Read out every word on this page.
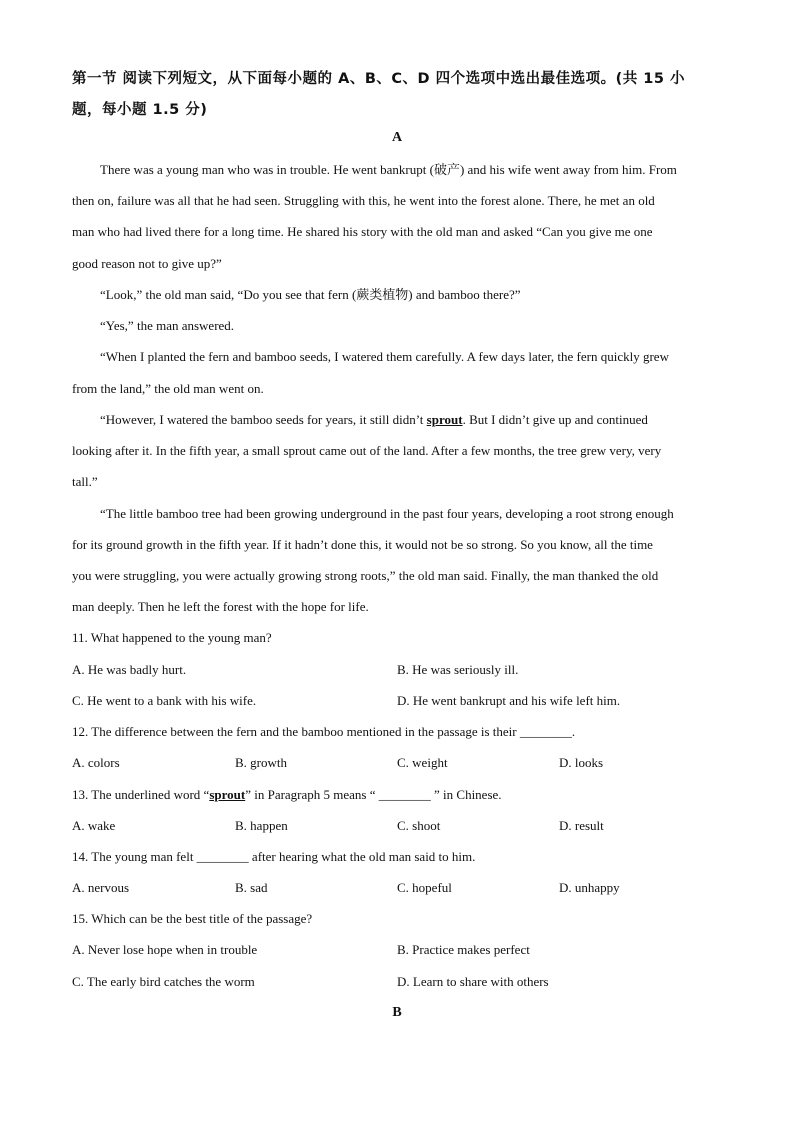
第一节 阅读下列短文，从下面每小题的 A、B、C、D 四个选项中选出最佳选项。(共 15 小
题，每小题 1.5 分)
A
There was a young man who was in trouble. He went bankrupt (破产) and his wife went away from him. From
then on, failure was all that he had seen. Struggling with this, he went into the forest alone. There, he met an old
man who had lived there for a long time. He shared his story with the old man and asked “Can you give me one
good reason not to give up?”
“Look,” the old man said, “Do you see that fern (蕨类植物) and bamboo there?”
“Yes,” the man answered.
“When I planted the fern and bamboo seeds, I watered them carefully. A few days later, the fern quickly grew
from the land,” the old man went on.
“However, I watered the bamboo seeds for years, it still didn’t sprout. But I didn’t give up and continued
looking after it. In the fifth year, a small sprout came out of the land. After a few months, the tree grew very, very
tall.”
“The little bamboo tree had been growing underground in the past four years, developing a root strong enough
for its ground growth in the fifth year. If it hadn’t done this, it would not be so strong. So you know, all the time
you were struggling, you were actually growing strong roots,” the old man said. Finally, the man thanked the old
man deeply. Then he left the forest with the hope for life.
11. What happened to the young man?
A. He was badly hurt.	B. He was seriously ill.
C. He went to a bank with his wife.	D. He went bankrupt and his wife left him.
12. The difference between the fern and the bamboo mentioned in the passage is their ________.
A. colors	B. growth	C. weight	D. looks
13. The underlined word “sprout” in Paragraph 5 means “ ________ ” in Chinese.
A. wake	B. happen	C. shoot	D. result
14. The young man felt ________ after hearing what the old man said to him.
A. nervous	B. sad	C. hopeful	D. unhappy
15. Which can be the best title of the passage?
A. Never lose hope when in trouble	B. Practice makes perfect
C. The early bird catches the worm	D. Learn to share with others
B
